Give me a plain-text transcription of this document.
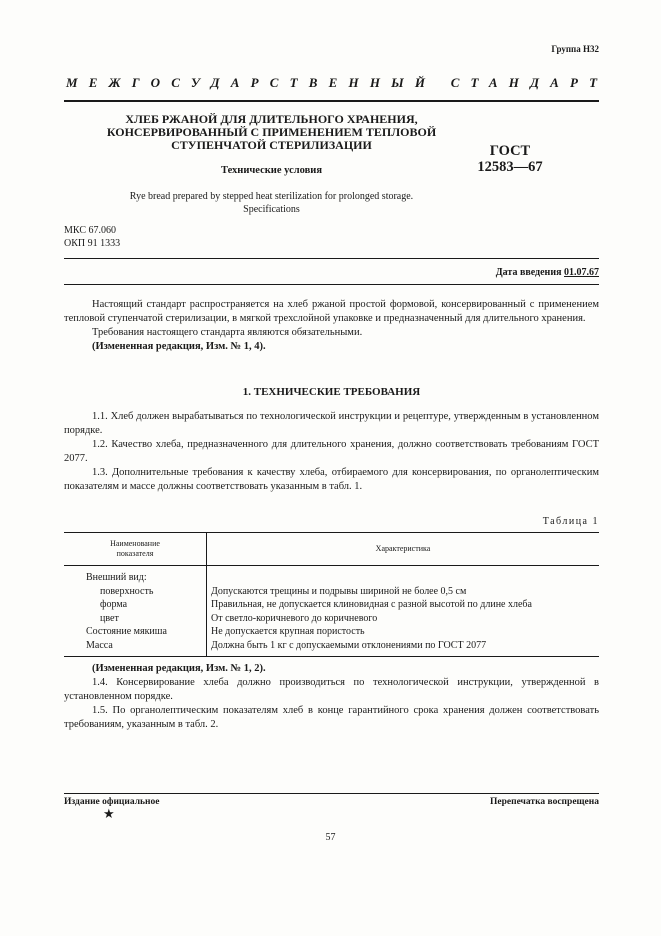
Группа Н32
МЕЖГОСУДАРСТВЕННЫЙ СТАНДАРТ
ХЛЕБ РЖАНОЙ ДЛЯ ДЛИТЕЛЬНОГО ХРАНЕНИЯ,
КОНСЕРВИРОВАННЫЙ С ПРИМЕНЕНИЕМ ТЕПЛОВОЙ
СТУПЕНЧАТОЙ СТЕРИЛИЗАЦИИ	ГОСТ
12583—67
Технические условия
Rye bread prepared by stepped heat sterilization for prolonged storage.
Specifications
МКС 67.060
ОКП 91 1333
Дата введения 01.07.67

Настоящий стандарт распространяется на хлеб ржаной простой формовой, консервированный с применением тепловой ступенчатой стерилизации, в мягкой трехслойной упаковке и предназначенный для длительного хранения.

Требования настоящего стандарта являются обязательными.

(Измененная редакция, Изм. № 1, 4).

1. ТЕХНИЧЕСКИЕ ТРЕБОВАНИЯ

1.1. Хлеб должен вырабатываться по технологической инструкции и рецептуре, утвержденным в установленном порядке.

1.2. Качество хлеба, предназначенного для длительного хранения, должно соответствовать требованиям ГОСТ 2077.

1.3. Дополнительные требования к качеству хлеба, отбираемого для консервирования, по органолептическим показателям и массе должны соответствовать указанным в табл. 1.

Таблица 1
Наименование
показателя	Характеристика
Внешний вид:	
поверхность	Допускаются трещины и подрывы шириной не более 0,5 см
форма	Правильная, не допускается клиновидная с разной высотой по длине хлеба
цвет	От светло-коричневого до коричневого
Состояние мякиша	Не допускается крупная пористость
Масса	Должна быть 1 кг с допускаемыми отклонениями по ГОСТ 2077

(Измененная редакция, Изм. № 1, 2).

1.4. Консервирование хлеба должно производиться по технологической инструкции, утвержденной в установленном порядке.

1.5. По органолептическим показателям хлеб в конце гарантийного срока хранения должен соответствовать требованиям, указанным в табл. 2.

Издание официальное	Перепечатка воспрещена
★
57
